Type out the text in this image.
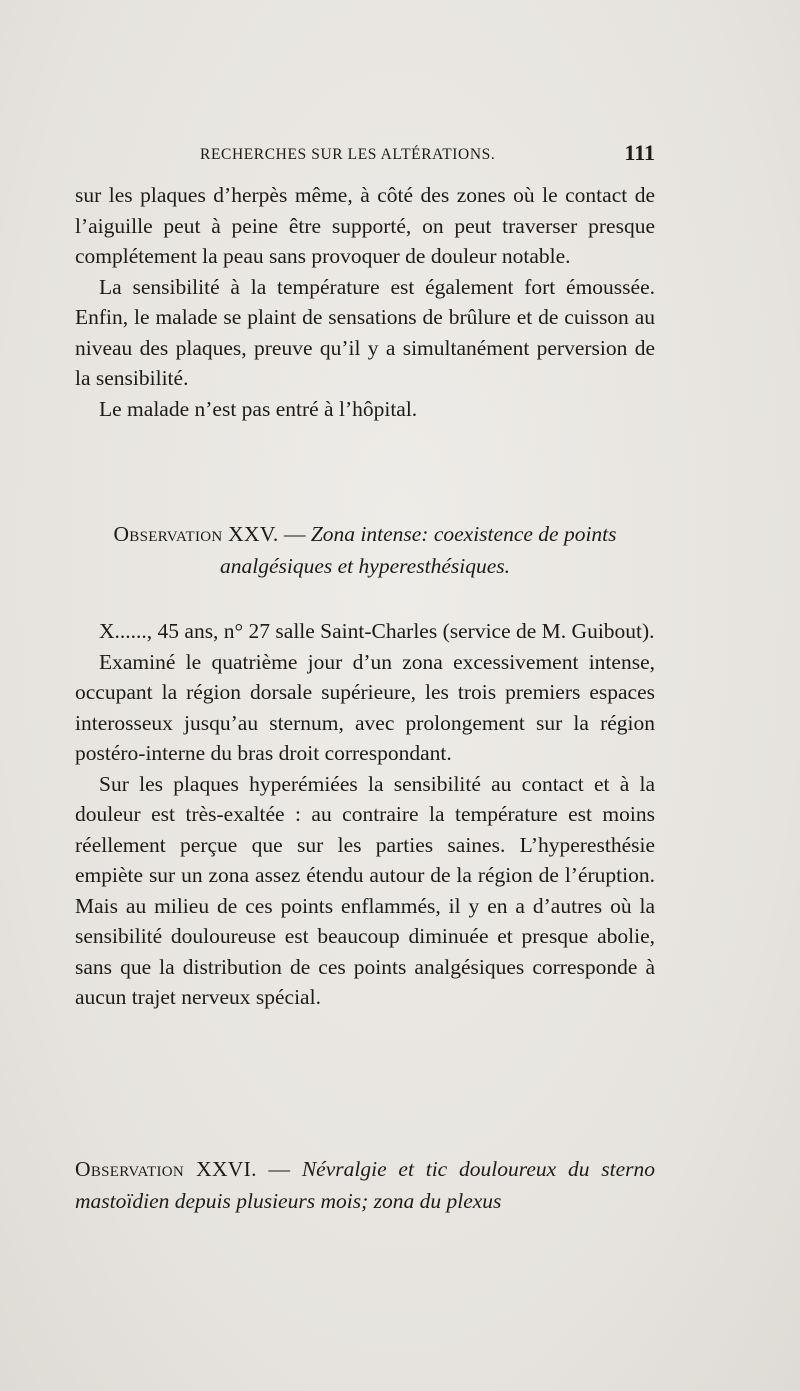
RECHERCHES SUR LES ALTÉRATIONS.	111

sur les plaques d’herpès même, à côté des zones où le contact de l’aiguille peut à peine être supporté, on peut traverser presque complétement la peau sans provoquer de douleur notable.

La sensibilité à la température est également fort émoussée. Enfin, le malade se plaint de sensations de brûlure et de cuisson au niveau des plaques, preuve qu’il y a simultanément perversion de la sensibilité.

Le malade n’est pas entré à l’hôpital.

Observation XXV. — Zona intense: coexistence de points analgésiques et hyperesthésiques.

X......, 45 ans, n° 27 salle Saint-Charles (service de M. Guibout).

Examiné le quatrième jour d’un zona excessivement intense, occupant la région dorsale supérieure, les trois premiers espaces interosseux jusqu’au sternum, avec prolongement sur la région postéro-interne du bras droit correspondant.

Sur les plaques hyperémiées la sensibilité au contact et à la douleur est très-exaltée : au contraire la température est moins réellement perçue que sur les parties saines. L’hyperesthésie empiète sur un zona assez étendu autour de la région de l’éruption. Mais au milieu de ces points enflammés, il y en a d’autres où la sensibilité douloureuse est beaucoup diminuée et presque abolie, sans que la distribution de ces points analgésiques corresponde à aucun trajet nerveux spécial.

Observation XXVI. — Névralgie et tic douloureux du sterno mastoïdien depuis plusieurs mois; zona du plexus
